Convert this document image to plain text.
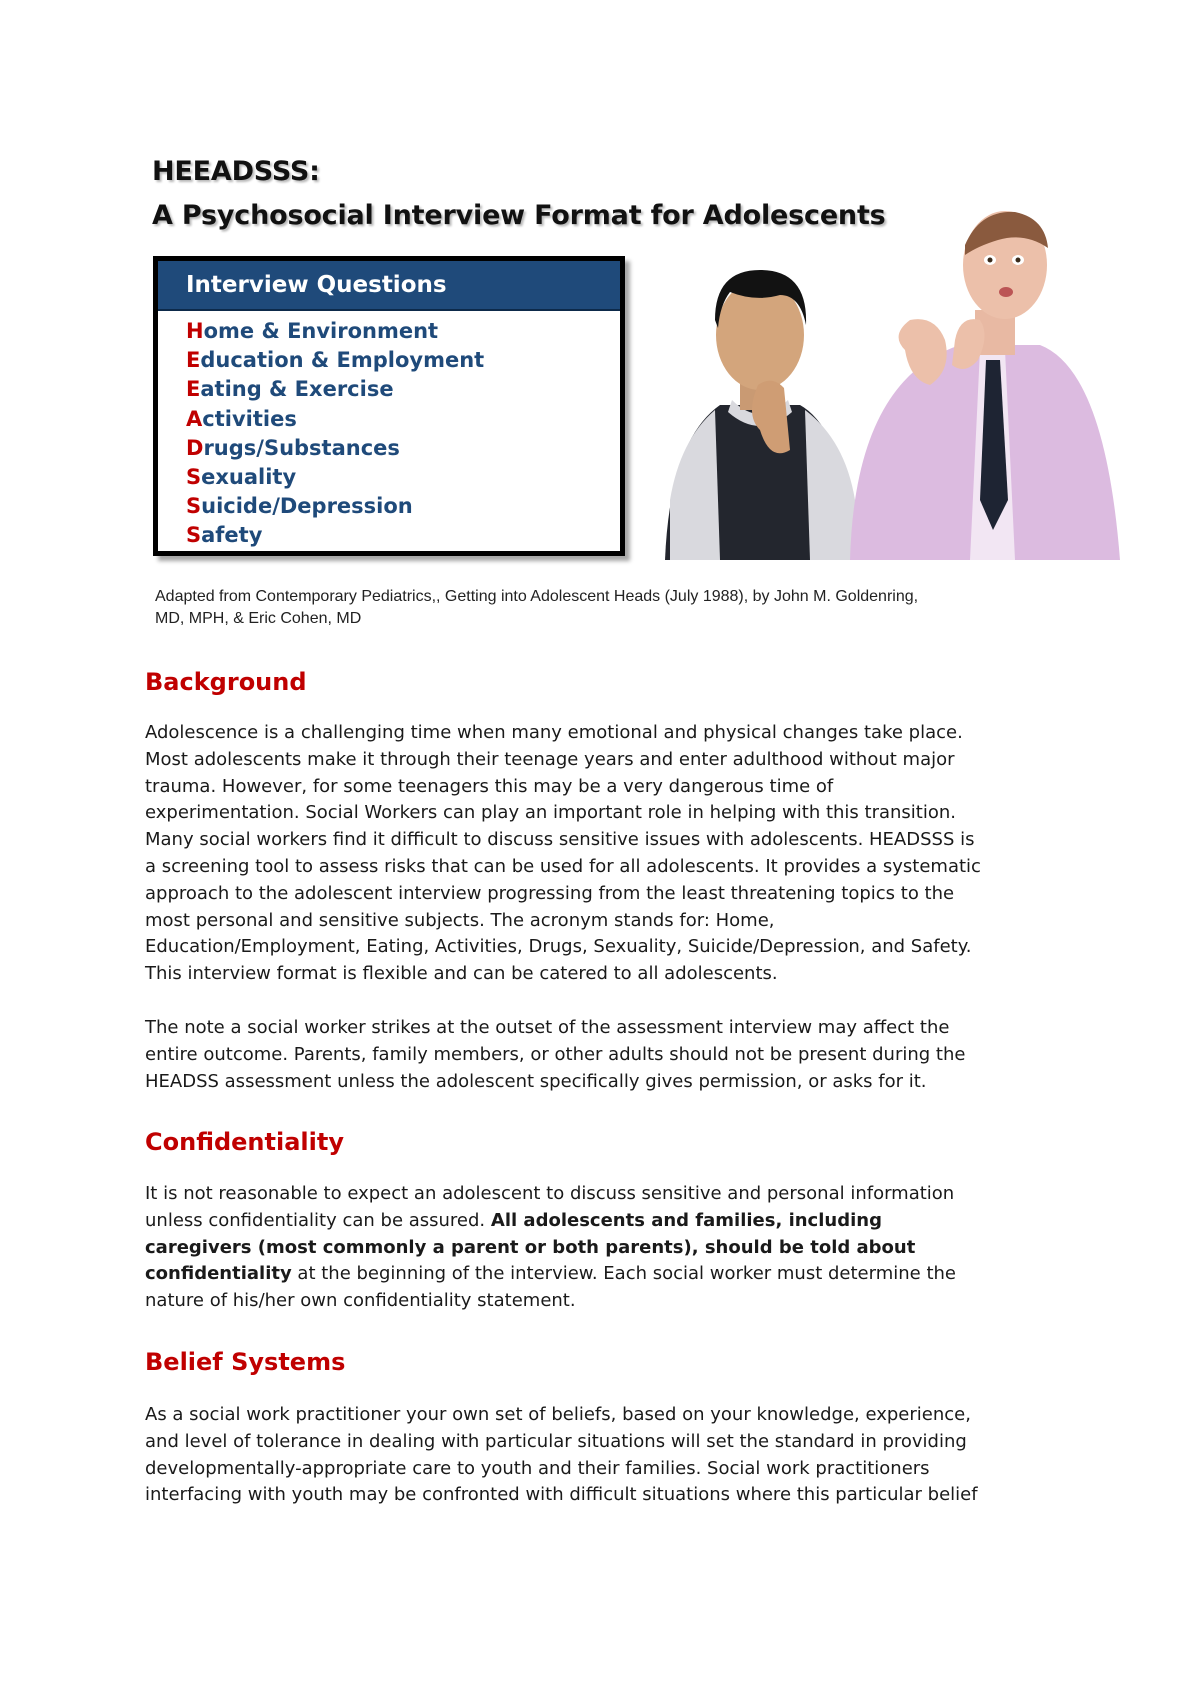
HEEADSSS:
A Psychosocial Interview Format for Adolescents
Interview Questions
Home & Environment
Education & Employment
Eating & Exercise
Activities
Drugs/Substances
Sexuality
Suicide/Depression
Safety
Adapted from Contemporary Pediatrics,, Getting into Adolescent Heads (July 1988), by John M. Goldenring,
MD, MPH, & Eric Cohen, MD
Background
Adolescence is a challenging time when many emotional and physical changes take place.
Most adolescents make it through their teenage years and enter adulthood without major
trauma. However, for some teenagers this may be a very dangerous time of
experimentation. Social Workers can play an important role in helping with this transition.
Many social workers find it difficult to discuss sensitive issues with adolescents. HEADSSS is
a screening tool to assess risks that can be used for all adolescents. It provides a systematic
approach to the adolescent interview progressing from the least threatening topics to the
most personal and sensitive subjects. The acronym stands for: Home,
Education/Employment, Eating, Activities, Drugs, Sexuality, Suicide/Depression, and Safety.
This interview format is flexible and can be catered to all adolescents.
The note a social worker strikes at the outset of the assessment interview may affect the
entire outcome. Parents, family members, or other adults should not be present during the
HEADSS assessment unless the adolescent specifically gives permission, or asks for it.
Confidentiality
It is not reasonable to expect an adolescent to discuss sensitive and personal information
unless confidentiality can be assured. All adolescents and families, including
caregivers (most commonly a parent or both parents), should be told about
confidentiality at the beginning of the interview. Each social worker must determine the
nature of his/her own confidentiality statement.
Belief Systems
As a social work practitioner your own set of beliefs, based on your knowledge, experience,
and level of tolerance in dealing with particular situations will set the standard in providing
developmentally-appropriate care to youth and their families. Social work practitioners
interfacing with youth may be confronted with difficult situations where this particular belief
